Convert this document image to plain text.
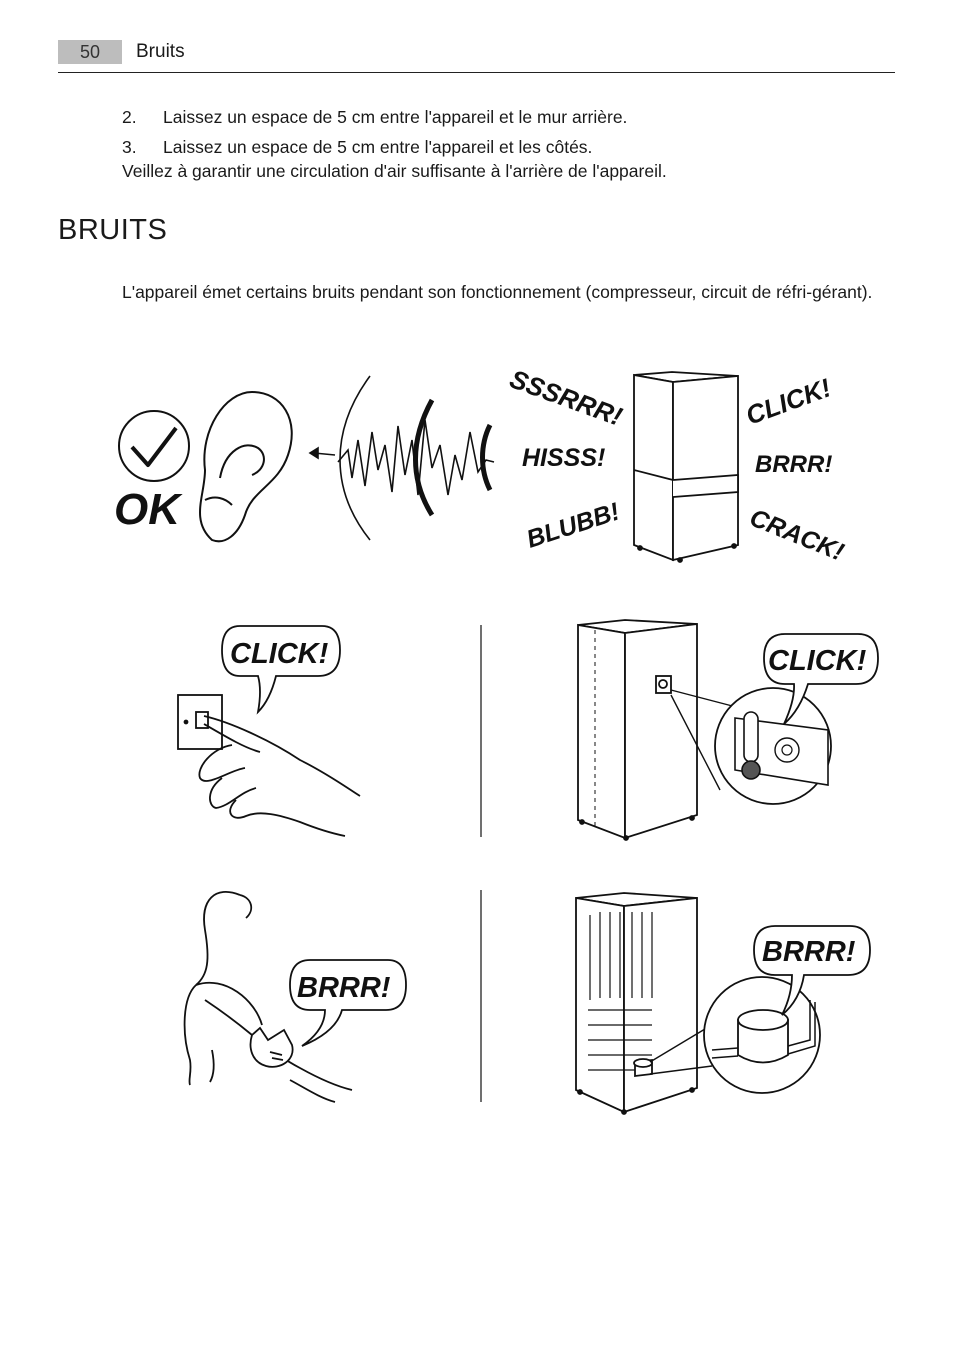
50	Bruits
2. Laissez un espace de 5 cm entre l'appareil et le mur arrière.
3. Laissez un espace de 5 cm entre l'appareil et les côtés.
Veillez à garantir une circulation d'air suffisante à l'arrière de l'appareil.
BRUITS
L'appareil émet certains bruits pendant son fonctionnement (compresseur, circuit de réfri-gérant).
OK
SSSRRR!
HISSS!
BLUBB!
CLICK!
BRRR!
CRACK!
CLICK!	CLICK!
BRRR!
BRRR!
